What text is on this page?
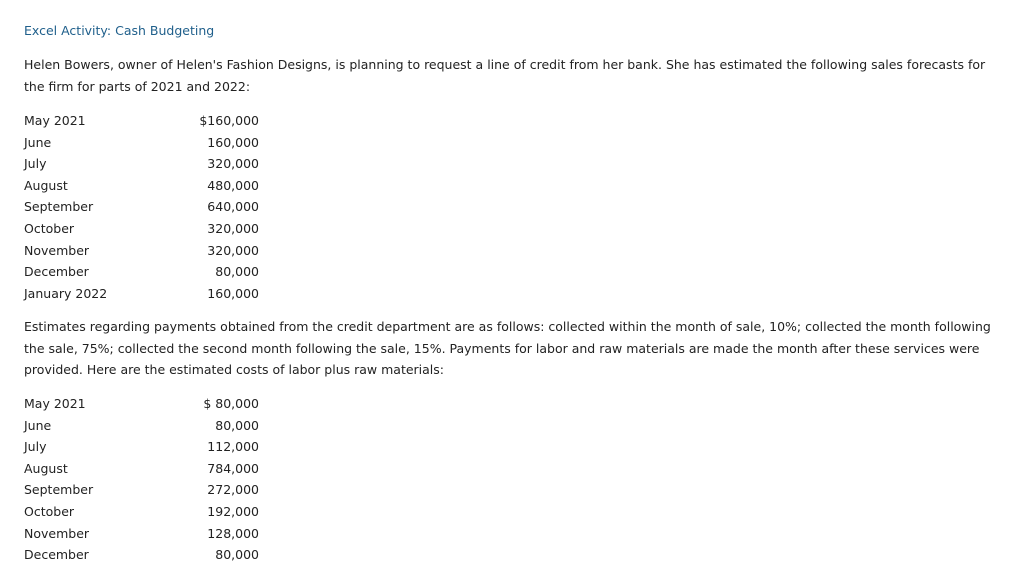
Excel Activity: Cash Budgeting
Helen Bowers, owner of Helen's Fashion Designs, is planning to request a line of credit from her bank. She has estimated the following sales forecasts for the firm for parts of 2021 and 2022:
May 2021	$160,000
June	160,000
July	320,000
August	480,000
September	640,000
October	320,000
November	320,000
December	80,000
January 2022	160,000
Estimates regarding payments obtained from the credit department are as follows: collected within the month of sale, 10%; collected the month following the sale, 75%; collected the second month following the sale, 15%. Payments for labor and raw materials are made the month after these services were provided. Here are the estimated costs of labor plus raw materials:
May 2021	$ 80,000
June	80,000
July	112,000
August	784,000
September	272,000
October	192,000
November	128,000
December	80,000
